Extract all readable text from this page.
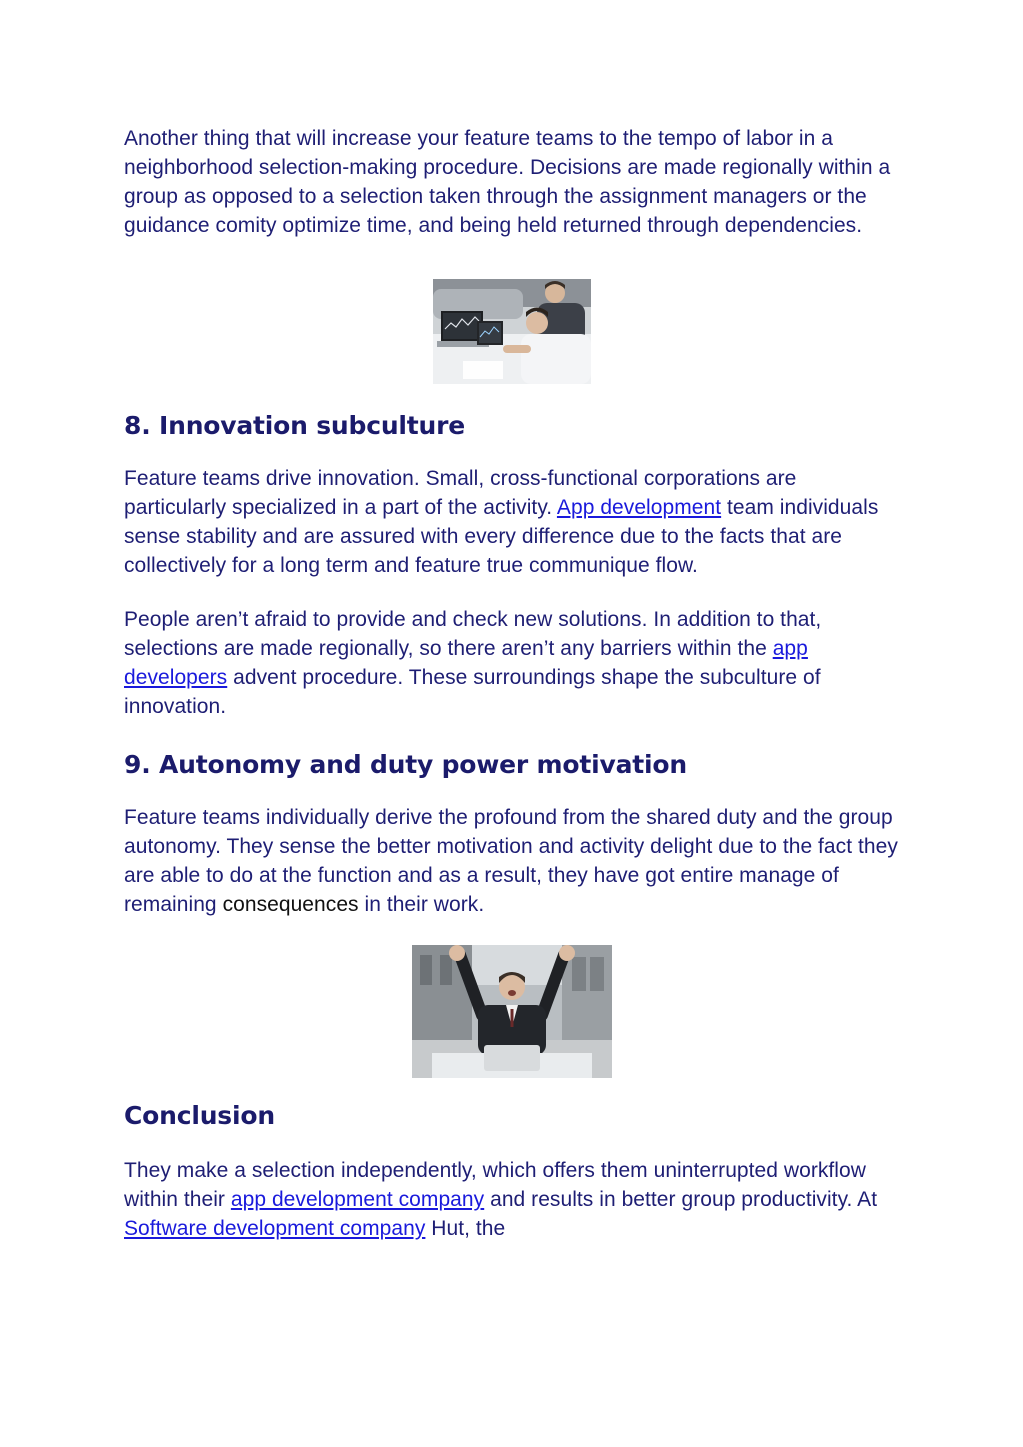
Another thing that will increase your feature teams to the tempo of labor in a neighborhood selection-making procedure. Decisions are made regionally within a group as opposed to a selection taken through the assignment managers or the guidance comity optimize time, and being held returned through dependencies.

8. Innovation subculture

Feature teams drive innovation. Small, cross-functional corporations are particularly specialized in a part of the activity. App development team individuals sense stability and are assured with every difference due to the facts that are collectively for a long term and feature true communique flow.

People aren’t afraid to provide and check new solutions. In addition to that, selections are made regionally, so there aren’t any barriers within the app developers advent procedure. These surroundings shape the subculture of innovation.

9. Autonomy and duty power motivation

Feature teams individually derive the profound from the shared duty and the group autonomy. They sense the better motivation and activity delight due to the fact they are able to do at the function and as a result, they have got entire manage of remaining consequences in their work.

Conclusion

They make a selection independently, which offers them uninterrupted workflow within their app development company and results in better group productivity. At Software development company Hut, the
